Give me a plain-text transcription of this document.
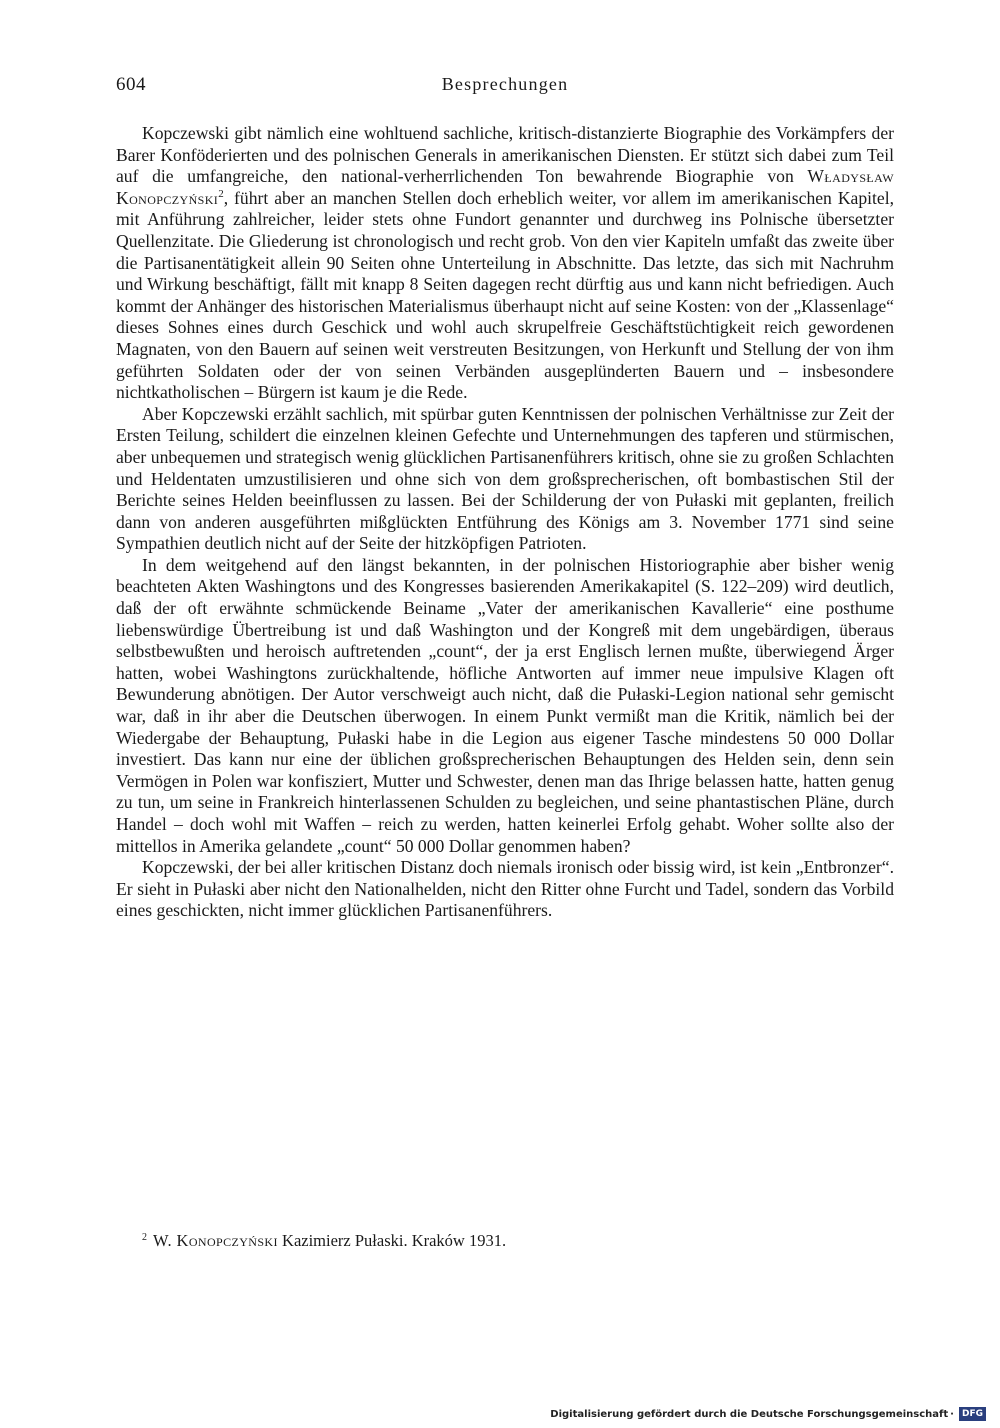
604	Besprechungen

Kopczewski gibt nämlich eine wohltuend sachliche, kritisch-distanzierte Biographie des Vorkämpfers der Barer Konföderierten und des polnischen Generals in amerikanischen Diensten. Er stützt sich dabei zum Teil auf die umfangreiche, den national-verherrlichenden Ton bewahrende Biographie von Władysław Konopczyński$^2$, führt aber an manchen Stellen doch erheblich weiter, vor allem im amerikanischen Kapitel, mit Anführung zahlreicher, leider stets ohne Fundort genannter und durchweg ins Polnische übersetzter Quellenzitate. Die Gliederung ist chronologisch und recht grob. Von den vier Kapiteln umfaßt das zweite über die Partisanentätigkeit allein 90 Seiten ohne Unterteilung in Abschnitte. Das letzte, das sich mit Nachruhm und Wirkung beschäftigt, fällt mit knapp 8 Seiten dagegen recht dürftig aus und kann nicht befriedigen. Auch kommt der Anhänger des historischen Materialismus überhaupt nicht auf seine Kosten: von der „Klassenlage“ dieses Sohnes eines durch Geschick und wohl auch skrupelfreie Geschäftstüchtigkeit reich gewordenen Magnaten, von den Bauern auf seinen weit verstreuten Besitzungen, von Herkunft und Stellung der von ihm geführten Soldaten oder der von seinen Verbänden ausgeplünderten Bauern und – insbesondere nichtkatholischen – Bürgern ist kaum je die Rede.

Aber Kopczewski erzählt sachlich, mit spürbar guten Kenntnissen der polnischen Verhältnisse zur Zeit der Ersten Teilung, schildert die einzelnen kleinen Gefechte und Unternehmungen des tapferen und stürmischen, aber unbequemen und strategisch wenig glücklichen Partisanenführers kritisch, ohne sie zu großen Schlachten und Heldentaten umzustilisieren und ohne sich von dem großsprecherischen, oft bombastischen Stil der Berichte seines Helden beeinflussen zu lassen. Bei der Schilderung der von Pułaski mit geplanten, freilich dann von anderen ausgeführten mißglückten Entführung des Königs am 3. November 1771 sind seine Sympathien deutlich nicht auf der Seite der hitzköpfigen Patrioten.

In dem weitgehend auf den längst bekannten, in der polnischen Historiographie aber bisher wenig beachteten Akten Washingtons und des Kongresses basierenden Amerikakapitel (S. 122–209) wird deutlich, daß der oft erwähnte schmückende Beiname „Vater der amerikanischen Kavallerie“ eine posthume liebenswürdige Übertreibung ist und daß Washington und der Kongreß mit dem ungebärdigen, überaus selbstbewußten und heroisch auftretenden „count“, der ja erst Englisch lernen mußte, überwiegend Ärger hatten, wobei Washingtons zurückhaltende, höfliche Antworten auf immer neue impulsive Klagen oft Bewunderung abnötigen. Der Autor verschweigt auch nicht, daß die Pułaski-Legion national sehr gemischt war, daß in ihr aber die Deutschen überwogen. In einem Punkt vermißt man die Kritik, nämlich bei der Wiedergabe der Behauptung, Pułaski habe in die Legion aus eigener Tasche mindestens 50 000 Dollar investiert. Das kann nur eine der üblichen großsprecherischen Behauptungen des Helden sein, denn sein Vermögen in Polen war konfisziert, Mutter und Schwester, denen man das Ihrige belassen hatte, hatten genug zu tun, um seine in Frankreich hinterlassenen Schulden zu begleichen, und seine phantastischen Pläne, durch Handel – doch wohl mit Waffen – reich zu werden, hatten keinerlei Erfolg gehabt. Woher sollte also der mittellos in Amerika gelandete „count“ 50 000 Dollar genommen haben?

Kopczewski, der bei aller kritischen Distanz doch niemals ironisch oder bissig wird, ist kein „Entbronzer“. Er sieht in Pułaski aber nicht den Nationalhelden, nicht den Ritter ohne Furcht und Tadel, sondern das Vorbild eines geschickten, nicht immer glücklichen Partisanenführers.

$^2$ W. Konopczyński Kazimierz Pułaski. Kraków 1931.
Digitalisierung gefördert durch die Deutsche Forschungsgemeinschaft · DFG
